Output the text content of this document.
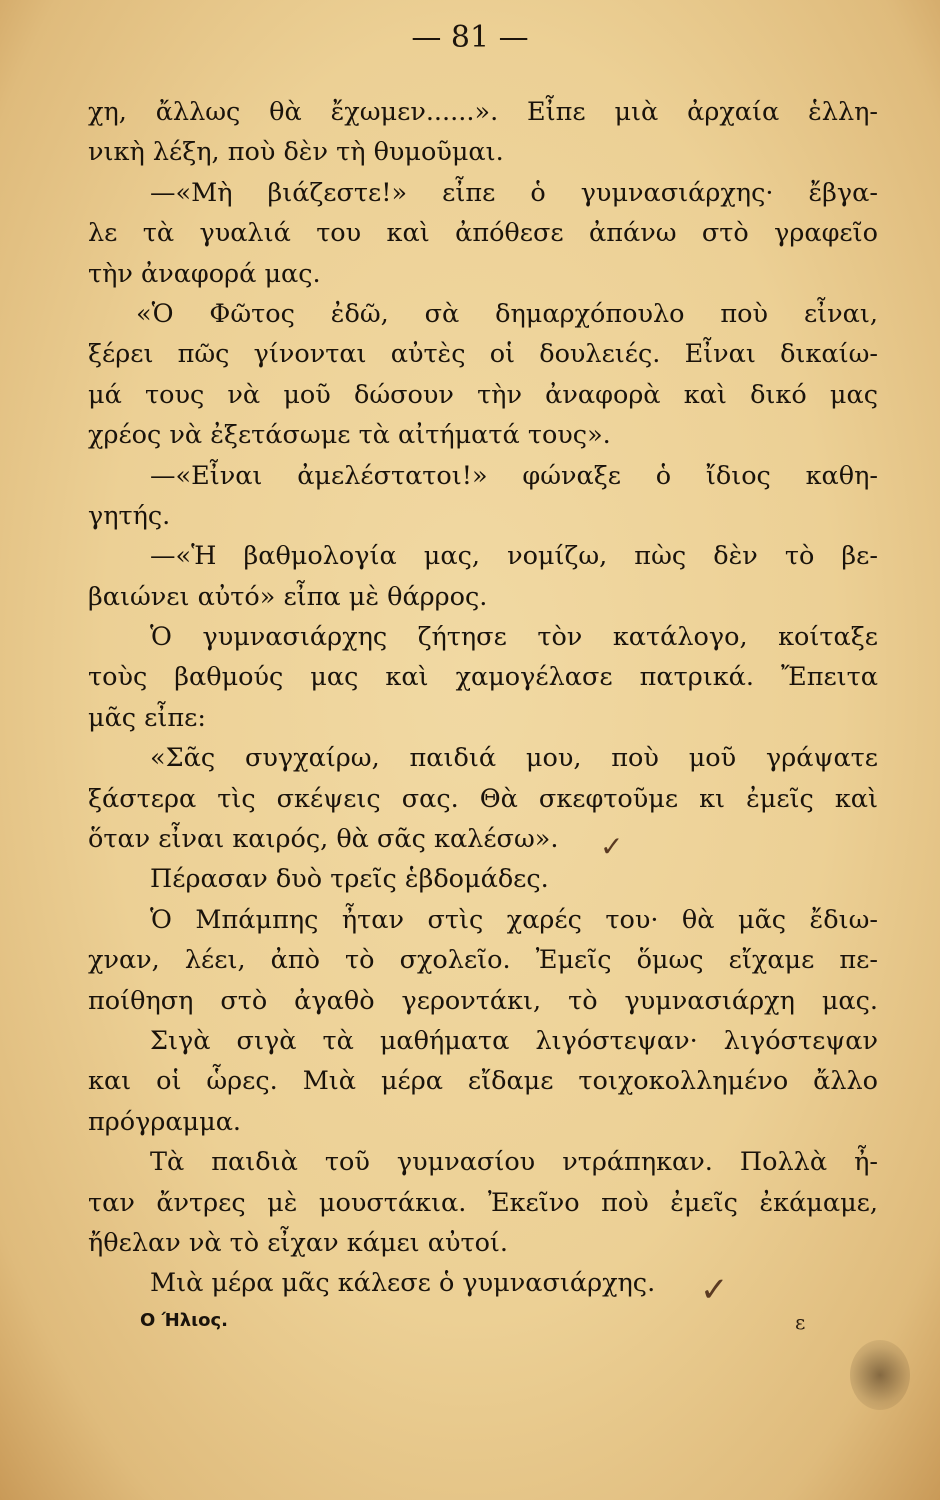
— 81 —
χη, ἄλλως θὰ ἔχωμεν......». Εἶπε μιὰ ἀρχαία ἑλλη-
νικὴ λέξη, ποὺ δὲν τὴ θυμοῦμαι.
—«Μὴ βιάζεστε!» εἶπε ὁ γυμνασιάρχης· ἔβγα-
λε τὰ γυαλιά του καὶ ἀπόθεσε ἀπάνω στὸ γραφεῖο
τὴν ἀναφορά μας.
«Ὁ Φῶτος ἐδῶ, σὰ δημαρχόπουλο ποὺ εἶναι,
ξέρει πῶς γίνονται αὐτὲς οἱ δουλειές. Εἶναι δικαίω-
μά τους νὰ μοῦ δώσουν τὴν ἀναφορὰ καὶ δικό μας
χρέος νὰ ἐξετάσωμε τὰ αἰτήματά τους».
—«Εἶναι ἀμελέστατοι!» φώναξε ὁ ἴδιος καθη-
γητής.
—«Ἡ βαθμολογία μας, νομίζω, πὼς δὲν τὸ βε-
βαιώνει αὐτό» εἶπα μὲ θάρρος.
Ὁ γυμνασιάρχης ζήτησε τὸν κατάλογο, κοίταξε
τοὺς βαθμούς μας καὶ χαμογέλασε πατρικά. Ἔπειτα
μᾶς εἶπε:
«Σᾶς συγχαίρω, παιδιά μου, ποὺ μοῦ γράψατε
ξάστερα τὶς σκέψεις σας. Θὰ σκεφτοῦμε κι ἐμεῖς καὶ
ὅταν εἶναι καιρός, θὰ σᾶς καλέσω».
Πέρασαν δυὸ τρεῖς ἑβδομάδες.
Ὁ Μπάμπης ἦταν στὶς χαρές του· θὰ μᾶς ἔδιω-
χναν, λέει, ἀπὸ τὸ σχολεῖο. Ἐμεῖς ὅμως εἴχαμε πε-
ποίθηση στὸ ἀγαθὸ γεροντάκι, τὸ γυμνασιάρχη μας.
Σιγὰ σιγὰ τὰ μαθήματα λιγόστεψαν· λιγόστεψαν
και οἱ ὧρες. Μιὰ μέρα εἴδαμε τοιχοκολλημένο ἄλλο
πρόγραμμα.
Τὰ παιδιὰ τοῦ γυμνασίου ντράπηκαν. Πολλὰ ἦ-
ταν ἄντρες μὲ μουστάκια. Ἐκεῖνο ποὺ ἐμεῖς ἐκάμαμε,
ἤθελαν νὰ τὸ εἶχαν κάμει αὐτοί.
Μιὰ μέρα μᾶς κάλεσε ὁ γυμνασιάρχης.
Ο Ήλιος.	ε
✓
✓
